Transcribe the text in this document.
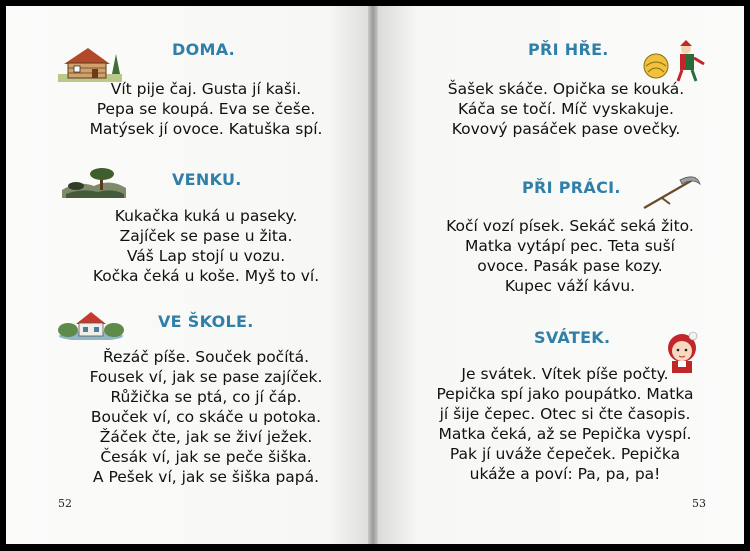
DOMA.
Vít pije čaj. Gusta jí kaši.
Pepa se koupá. Eva se češe.
Matýsek jí ovoce. Katuška spí.
VENKU.
Kukačka kuká u paseky.
Zajíček se pase u žita.
Váš Lap stojí u vozu.
Kočka čeká u koše. Myš to ví.
VE ŠKOLE.
Řezáč píše. Souček počítá.
Fousek ví, jak se pase zajíček.
Růžička se ptá, co jí čáp.
Bouček ví, co skáče u potoka.
Žáček čte, jak se živí ježek.
Česák ví, jak se peče šiška.
A Pešek ví, jak se šiška papá.
52
PŘI HŘE.
Šašek skáče. Opička se kouká.
Káča se točí. Míč vyskakuje.
Kovový pasáček pase ovečky.
PŘI PRÁCI.
Kočí vozí písek. Sekáč seká žito.
Matka vytápí pec. Teta suší
ovoce. Pasák pase kozy.
Kupec váží kávu.
SVÁTEK.
Je svátek. Vítek píše počty.
Pepička spí jako poupátko. Matka
jí šije čepec. Otec si čte časopis.
Matka čeká, až se Pepička vyspí.
Pak jí uváže čepeček. Pepička
ukáže a poví: Pa, pa, pa!
53
